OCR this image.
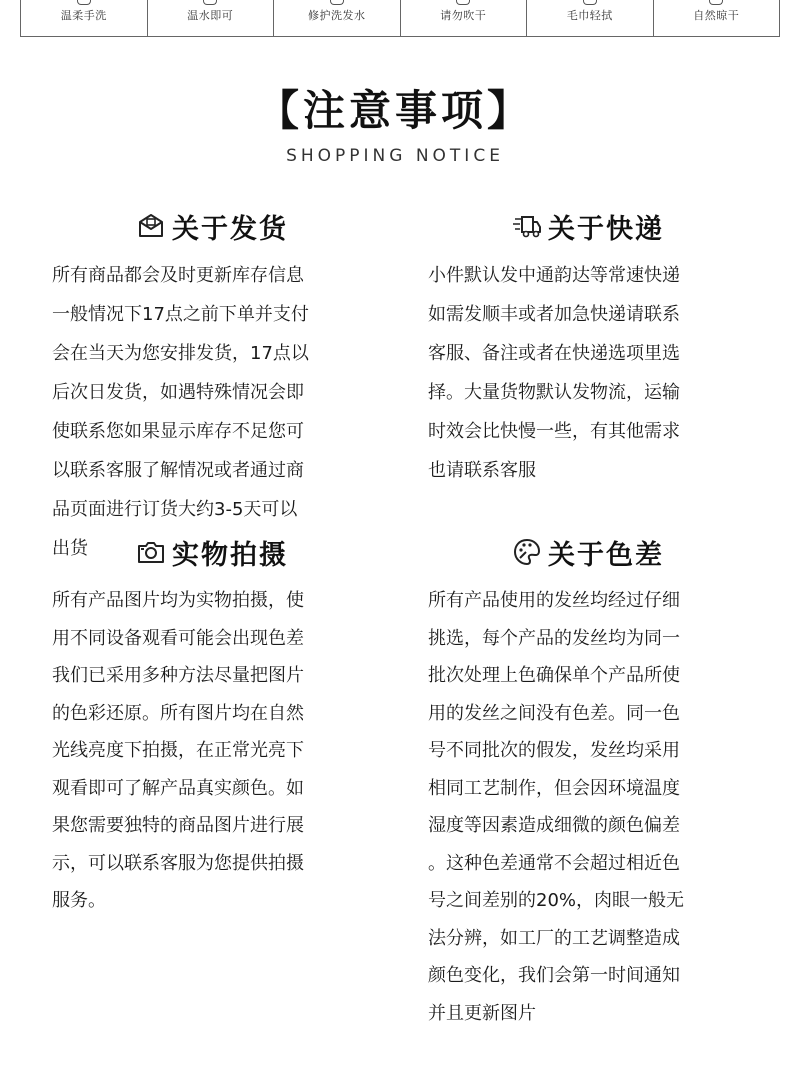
温柔手洗	温水即可	修护洗发水	请勿吹干	毛巾轻拭	自然晾干
【注意事项】
SHOPPING NOTICE
关于发货
所有商品都会及时更新库存信息
一般情况下17点之前下单并支付
会在当天为您安排发货，17点以
后次日发货，如遇特殊情况会即
使联系您如果显示库存不足您可
以联系客服了解情况或者通过商
品页面进行订货大约3-5天可以
出货
关于快递
小件默认发中通韵达等常速快递
如需发顺丰或者加急快递请联系
客服、备注或者在快递选项里选
择。大量货物默认发物流，运输
时效会比快慢一些，有其他需求
也请联系客服
实物拍摄
所有产品图片均为实物拍摄，使
用不同设备观看可能会出现色差
我们已采用多种方法尽量把图片
的色彩还原。所有图片均在自然
光线亮度下拍摄，在正常光亮下
观看即可了解产品真实颜色。如
果您需要独特的商品图片进行展
示，可以联系客服为您提供拍摄
服务。
关于色差
所有产品使用的发丝均经过仔细
挑选，每个产品的发丝均为同一
批次处理上色确保单个产品所使
用的发丝之间没有色差。同一色
号不同批次的假发，发丝均采用
相同工艺制作，但会因环境温度
湿度等因素造成细微的颜色偏差
。这种色差通常不会超过相近色
号之间差别的20%，肉眼一般无
法分辨，如工厂的工艺调整造成
颜色变化，我们会第一时间通知
并且更新图片
